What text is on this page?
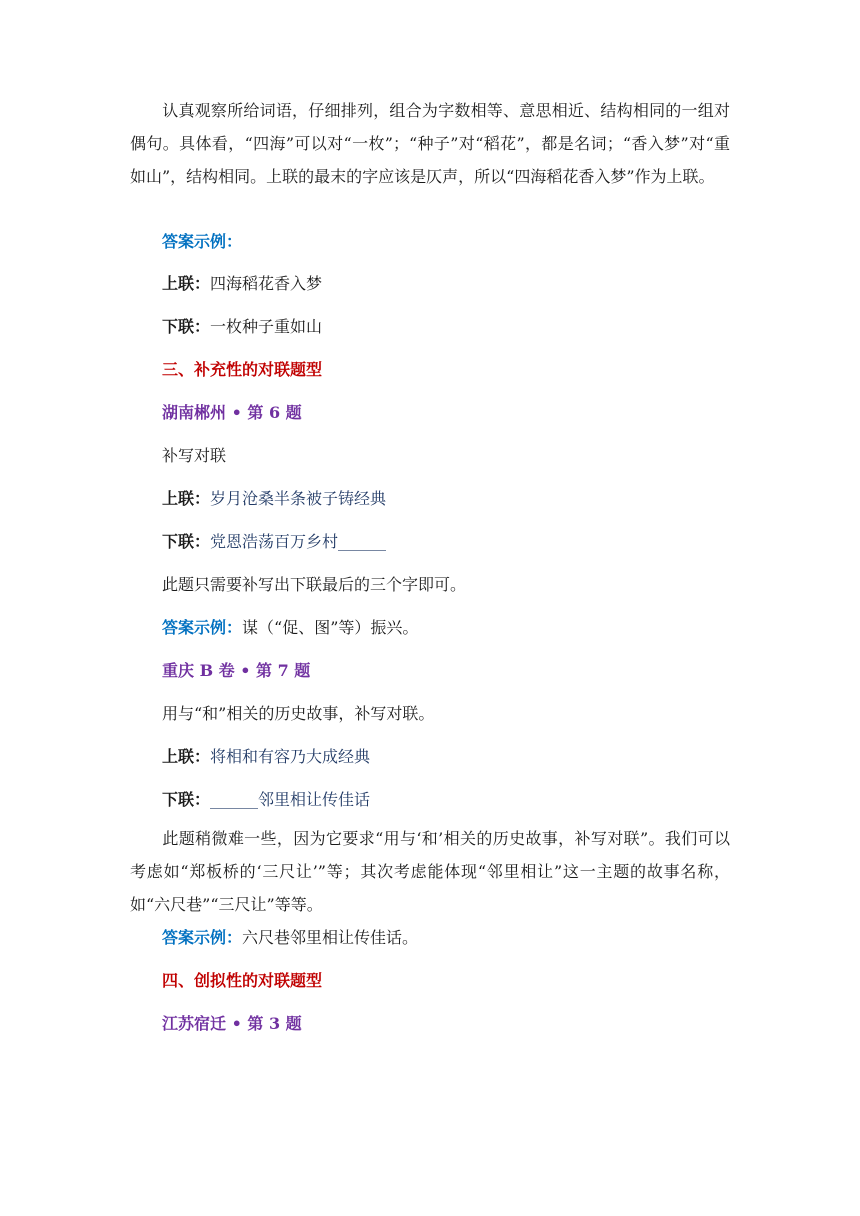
认真观察所给词语，仔细排列，组合为字数相等、意思相近、结构相同的一组对偶句。具体看，“四海”可以对“一枚”；“种子”对“稻花”，都是名词；“香入梦”对“重如山”，结构相同。上联的最末的字应该是仄声，所以“四海稻花香入梦”作为上联。

答案示例：

上联：四海稻花香入梦

下联：一枚种子重如山

三、补充性的对联题型

湖南郴州 • 第 6 题

补写对联

上联：岁月沧桑半条被子铸经典

下联：党恩浩荡百万乡村______

此题只需要补写出下联最后的三个字即可。

答案示例：谋（“促、图”等）振兴。

重庆 B 卷 • 第 7 题

用与“和”相关的历史故事，补写对联。

上联：将相和有容乃大成经典

下联：______邻里相让传佳话

此题稍微难一些，因为它要求“用与‘和’相关的历史故事，补写对联”。我们可以考虑如“郑板桥的‘三尺让’”等；其次考虑能体现“邻里相让”这一主题的故事名称，如“六尺巷”“三尺让”等等。

答案示例：六尺巷邻里相让传佳话。

四、创拟性的对联题型

江苏宿迁 • 第 3 题
